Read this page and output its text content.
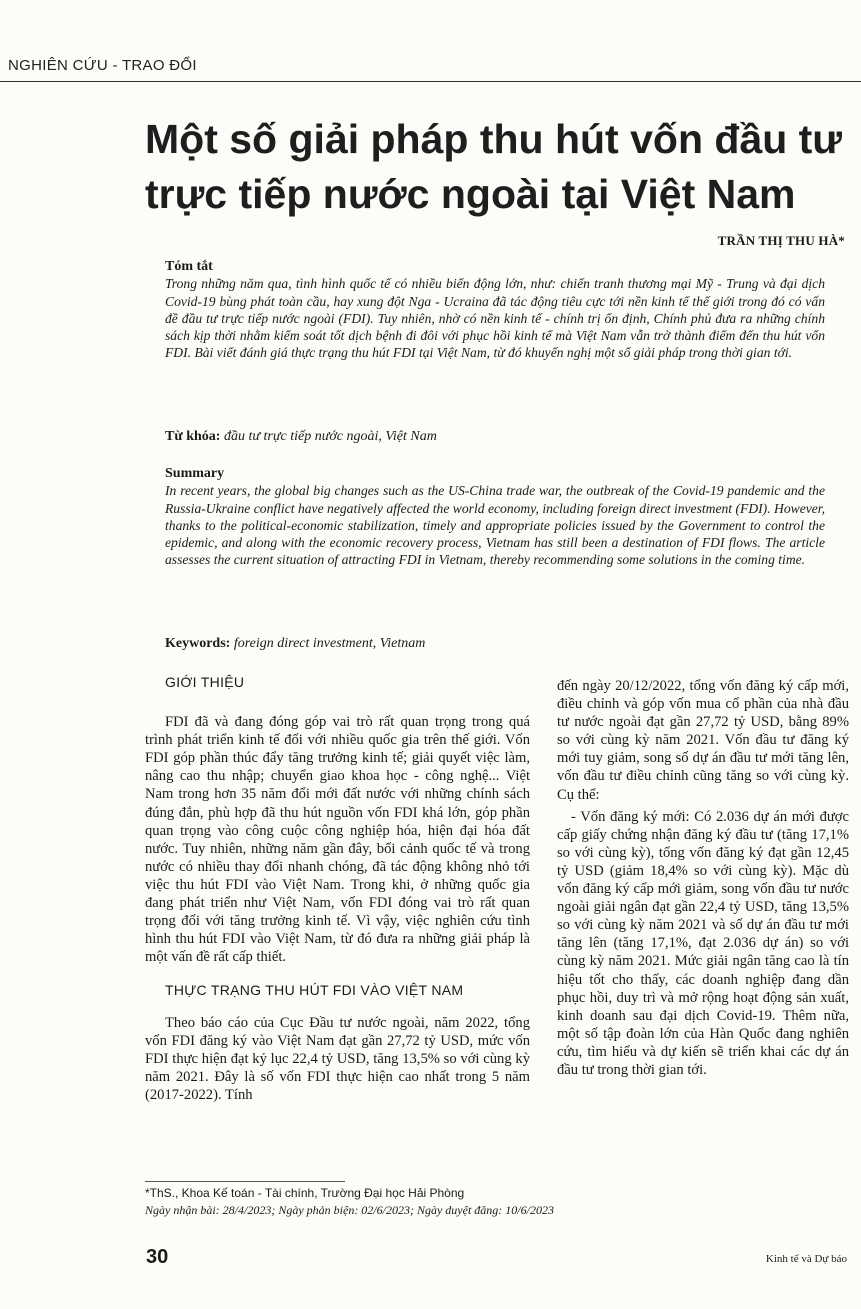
NGHIÊN CỨU - TRAO ĐỔI
Một số giải pháp thu hút vốn đầu tư
trực tiếp nước ngoài tại Việt Nam
TRẦN THỊ THU HÀ*
Tóm tắt

Trong những năm qua, tình hình quốc tế có nhiều biến động lớn, như: chiến tranh thương mại Mỹ - Trung và đại dịch Covid-19 bùng phát toàn cầu, hay xung đột Nga - Ucraina đã tác động tiêu cực tới nền kinh tế thế giới trong đó có vấn đề đầu tư trực tiếp nước ngoài (FDI). Tuy nhiên, nhờ có nền kinh tế - chính trị ổn định, Chính phủ đưa ra những chính sách kịp thời nhằm kiểm soát tốt dịch bệnh đi đôi với phục hồi kinh tế mà Việt Nam vẫn trở thành điểm đến thu hút vốn FDI. Bài viết đánh giá thực trạng thu hút FDI tại Việt Nam, từ đó khuyến nghị một số giải pháp trong thời gian tới.

Từ khóa: đầu tư trực tiếp nước ngoài, Việt Nam
Summary

In recent years, the global big changes such as the US-China trade war, the outbreak of the Covid-19 pandemic and the Russia-Ukraine conflict have negatively affected the world economy, including foreign direct investment (FDI). However, thanks to the political-economic stabilization, timely and appropriate policies issued by the Government to control the epidemic, and along with the economic recovery process, Vietnam has still been a destination of FDI flows. The article assesses the current situation of attracting FDI in Vietnam, thereby recommending some solutions in the coming time.

Keywords: foreign direct investment, Vietnam
GIỚI THIỆU

FDI đã và đang đóng góp vai trò rất quan trọng trong quá trình phát triển kinh tế đối với nhiều quốc gia trên thế giới. Vốn FDI góp phần thúc đẩy tăng trưởng kinh tế; giải quyết việc làm, nâng cao thu nhập; chuyển giao khoa học - công nghệ... Việt Nam trong hơn 35 năm đổi mới đất nước với những chính sách đúng đắn, phù hợp đã thu hút nguồn vốn FDI khá lớn, góp phần quan trọng vào công cuộc công nghiệp hóa, hiện đại hóa đất nước. Tuy nhiên, những năm gần đây, bối cảnh quốc tế và trong nước có nhiều thay đổi nhanh chóng, đã tác động không nhỏ tới việc thu hút FDI vào Việt Nam. Trong khi, ở những quốc gia đang phát triển như Việt Nam, vốn FDI đóng vai trò rất quan trọng đối với tăng trưởng kinh tế. Vì vậy, việc nghiên cứu tình hình thu hút FDI vào Việt Nam, từ đó đưa ra những giải pháp là một vấn đề rất cấp thiết.

THỰC TRẠNG THU HÚT FDI VÀO VIỆT NAM

Theo báo cáo của Cục Đầu tư nước ngoài, năm 2022, tổng vốn FDI đăng ký vào Việt Nam đạt gần 27,72 tỷ USD, mức vốn FDI thực hiện đạt kỷ lục 22,4 tỷ USD, tăng 13,5% so với cùng kỳ năm 2021. Đây là số vốn FDI thực hiện cao nhất trong 5 năm (2017-2022). Tính

đến ngày 20/12/2022, tổng vốn đăng ký cấp mới, điều chỉnh và góp vốn mua cổ phần của nhà đầu tư nước ngoài đạt gần 27,72 tỷ USD, bằng 89% so với cùng kỳ năm 2021. Vốn đầu tư đăng ký mới tuy giảm, song số dự án đầu tư mới tăng lên, vốn đầu tư điều chỉnh cũng tăng so với cùng kỳ. Cụ thể:

- Vốn đăng ký mới: Có 2.036 dự án mới được cấp giấy chứng nhận đăng ký đầu tư (tăng 17,1% so với cùng kỳ), tổng vốn đăng ký đạt gần 12,45 tỷ USD (giảm 18,4% so với cùng kỳ). Mặc dù vốn đăng ký cấp mới giảm, song vốn đầu tư nước ngoài giải ngân đạt gần 22,4 tỷ USD, tăng 13,5% so với cùng kỳ năm 2021 và số dự án đầu tư mới tăng lên (tăng 17,1%, đạt 2.036 dự án) so với cùng kỳ năm 2021. Mức giải ngân tăng cao là tín hiệu tốt cho thấy, các doanh nghiệp đang dần phục hồi, duy trì và mở rộng hoạt động sản xuất, kinh doanh sau đại dịch Covid-19. Thêm nữa, một số tập đoàn lớn của Hàn Quốc đang nghiên cứu, tìm hiểu và dự kiến sẽ triển khai các dự án đầu tư trong thời gian tới.

*ThS., Khoa Kế toán - Tài chính, Trường Đại học Hải Phòng
Ngày nhận bài: 28/4/2023; Ngày phản biện: 02/6/2023; Ngày duyệt đăng: 10/6/2023
30	Kinh tế và Dự báo
